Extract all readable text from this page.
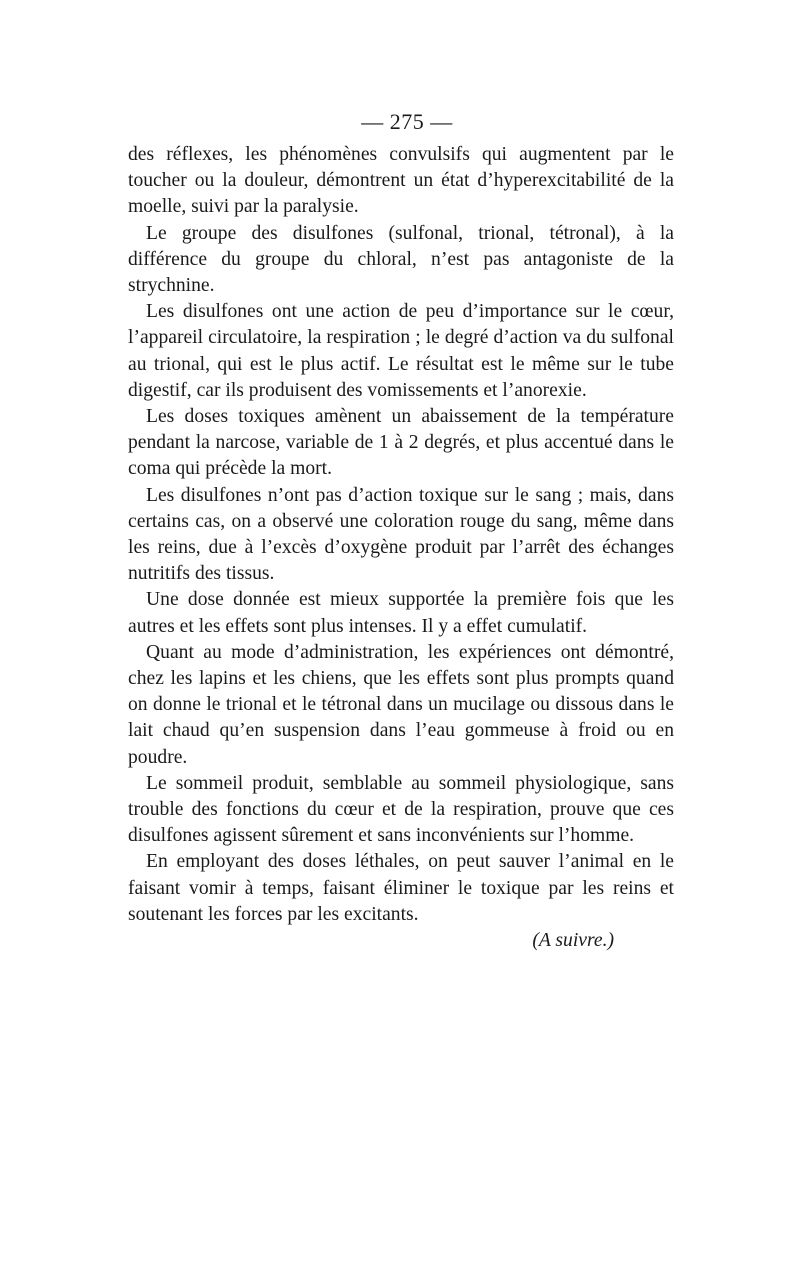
— 275 —

des réflexes, les phénomènes convulsifs qui augmentent par le toucher ou la douleur, démontrent un état d’hyperexcitabilité de la moelle, suivi par la paralysie.

Le groupe des disulfones (sulfonal, trional, tétronal), à la différence du groupe du chloral, n’est pas antagoniste de la strychnine.

Les disulfones ont une action de peu d’importance sur le cœur, l’appareil circulatoire, la respiration ; le degré d’action va du sulfonal au trional, qui est le plus actif. Le résultat est le même sur le tube digestif, car ils produisent des vomissements et l’anorexie.

Les doses toxiques amènent un abaissement de la température pendant la narcose, variable de 1 à 2 degrés, et plus accentué dans le coma qui précède la mort.

Les disulfones n’ont pas d’action toxique sur le sang ; mais, dans certains cas, on a observé une coloration rouge du sang, même dans les reins, due à l’excès d’oxygène produit par l’arrêt des échanges nutritifs des tissus.

Une dose donnée est mieux supportée la première fois que les autres et les effets sont plus intenses. Il y a effet cumulatif.

Quant au mode d’administration, les expériences ont démontré, chez les lapins et les chiens, que les effets sont plus prompts quand on donne le trional et le tétronal dans un mucilage ou dissous dans le lait chaud qu’en suspension dans l’eau gommeuse à froid ou en poudre.

Le sommeil produit, semblable au sommeil physiologique, sans trouble des fonctions du cœur et de la respiration, prouve que ces disulfones agissent sûrement et sans inconvénients sur l’homme.

En employant des doses léthales, on peut sauver l’animal en le faisant vomir à temps, faisant éliminer le toxique par les reins et soutenant les forces par les excitants.

(A suivre.)
